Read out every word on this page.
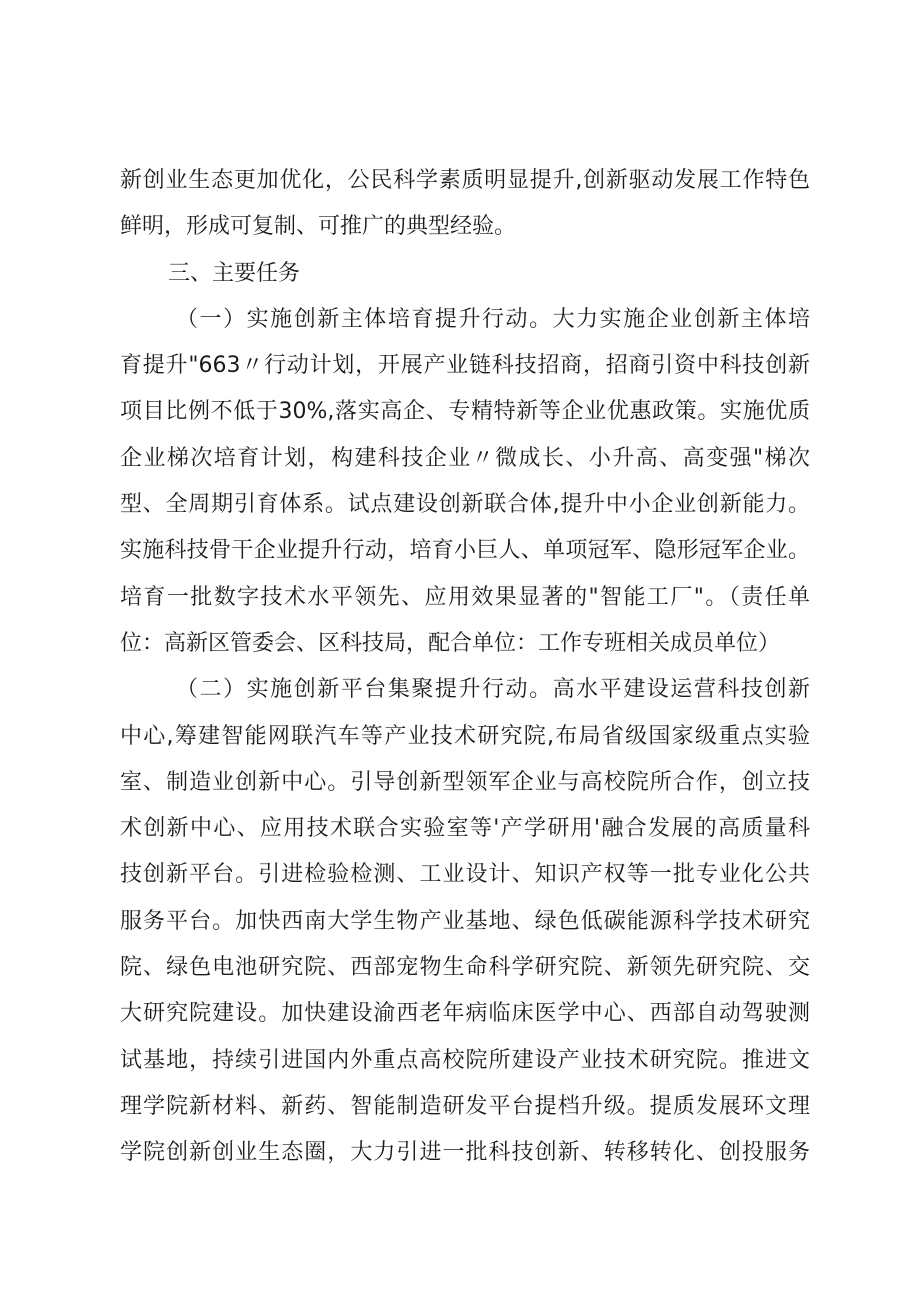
新创业生态更加优化，公民科学素质明显提升,创新驱动发展工作特色
鲜明，形成可复制、可推广的典型经验。
三、主要任务
（一）实施创新主体培育提升行动。大力实施企业创新主体培
育提升"663〃行动计划，开展产业链科技招商，招商引资中科技创新
项目比例不低于30%,落实高企、专精特新等企业优惠政策。实施优质
企业梯次培育计划，构建科技企业〃微成长、小升高、高变强"梯次
型、全周期引育体系。试点建设创新联合体,提升中小企业创新能力。
实施科技骨干企业提升行动，培育小巨人、单项冠军、隐形冠军企业。
培育一批数字技术水平领先、应用效果显著的"智能工厂"。（责任单
位：高新区管委会、区科技局，配合单位：工作专班相关成员单位）
（二）实施创新平台集聚提升行动。高水平建设运营科技创新
中心,筹建智能网联汽车等产业技术研究院,布局省级国家级重点实验
室、制造业创新中心。引导创新型领军企业与高校院所合作，创立技
术创新中心、应用技术联合实验室等'产学研用'融合发展的高质量科
技创新平台。引进检验检测、工业设计、知识产权等一批专业化公共
服务平台。加快西南大学生物产业基地、绿色低碳能源科学技术研究
院、绿色电池研究院、西部宠物生命科学研究院、新领先研究院、交
大研究院建设。加快建设渝西老年病临床医学中心、西部自动驾驶测
试基地，持续引进国内外重点高校院所建设产业技术研究院。推进文
理学院新材料、新药、智能制造研发平台提档升级。提质发展环文理
学院创新创业生态圈，大力引进一批科技创新、转移转化、创投服务
